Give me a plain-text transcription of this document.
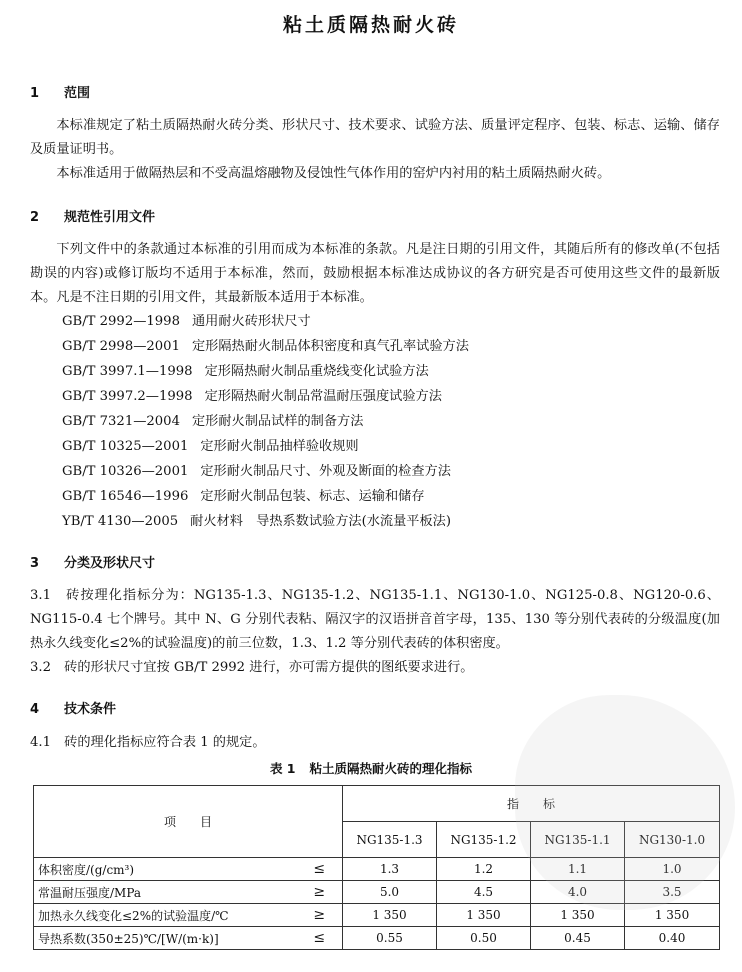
粘土质隔热耐火砖
1 范围
本标准规定了粘土质隔热耐火砖分类、形状尺寸、技术要求、试验方法、质量评定程序、包装、标志、运输、储存及质量证明书。
本标准适用于做隔热层和不受高温熔融物及侵蚀性气体作用的窑炉内衬用的粘土质隔热耐火砖。
2 规范性引用文件
下列文件中的条款通过本标准的引用而成为本标准的条款。凡是注日期的引用文件，其随后所有的修改单(不包括勘误的内容)或修订版均不适用于本标准，然而，鼓励根据本标准达成协议的各方研究是否可使用这些文件的最新版本。凡是不注日期的引用文件，其最新版本适用于本标准。
GB/T 2992—1998 通用耐火砖形状尺寸
GB/T 2998—2001 定形隔热耐火制品体积密度和真气孔率试验方法
GB/T 3997.1—1998 定形隔热耐火制品重烧线变化试验方法
GB/T 3997.2—1998 定形隔热耐火制品常温耐压强度试验方法
GB/T 7321—2004 定形耐火制品试样的制备方法
GB/T 10325—2001 定形耐火制品抽样验收规则
GB/T 10326—2001 定形耐火制品尺寸、外观及断面的检查方法
GB/T 16546—1996 定形耐火制品包装、标志、运输和储存
YB/T 4130—2005 耐火材料　导热系数试验方法(水流量平板法)
3 分类及形状尺寸
3.1　砖按理化指标分为：NG135-1.3、NG135-1.2、NG135-1.1、NG130-1.0、NG125-0.8、NG120-0.6、NG115-0.4 七个牌号。其中 N、G 分别代表粘、隔汉字的汉语拼音首字母，135、130 等分别代表砖的分级温度(加热永久线变化≤2%的试验温度)的前三位数，1.3、1.2 等分别代表砖的体积密度。
3.2　砖的形状尺寸宜按 GB/T 2992 进行，亦可需方提供的图纸要求进行。
4 技术条件
4.1　砖的理化指标应符合表 1 的规定。
表 1 粘土质隔热耐火砖的理化指标
项　　目		指　　标			
		NG135-1.3	NG135-1.2	NG135-1.1	NG130-1.0
体积密度/(g/cm³)	≤	1.3	1.2	1.1	1.0
常温耐压强度/MPa	≥	5.0	4.5	4.0	3.5
加热永久线变化≤2%的试验温度/℃	≥	1 350	1 350	1 350	1 350
导热系数(350±25)℃/[W/(m·k)]	≤	0.55	0.50	0.45	0.40
